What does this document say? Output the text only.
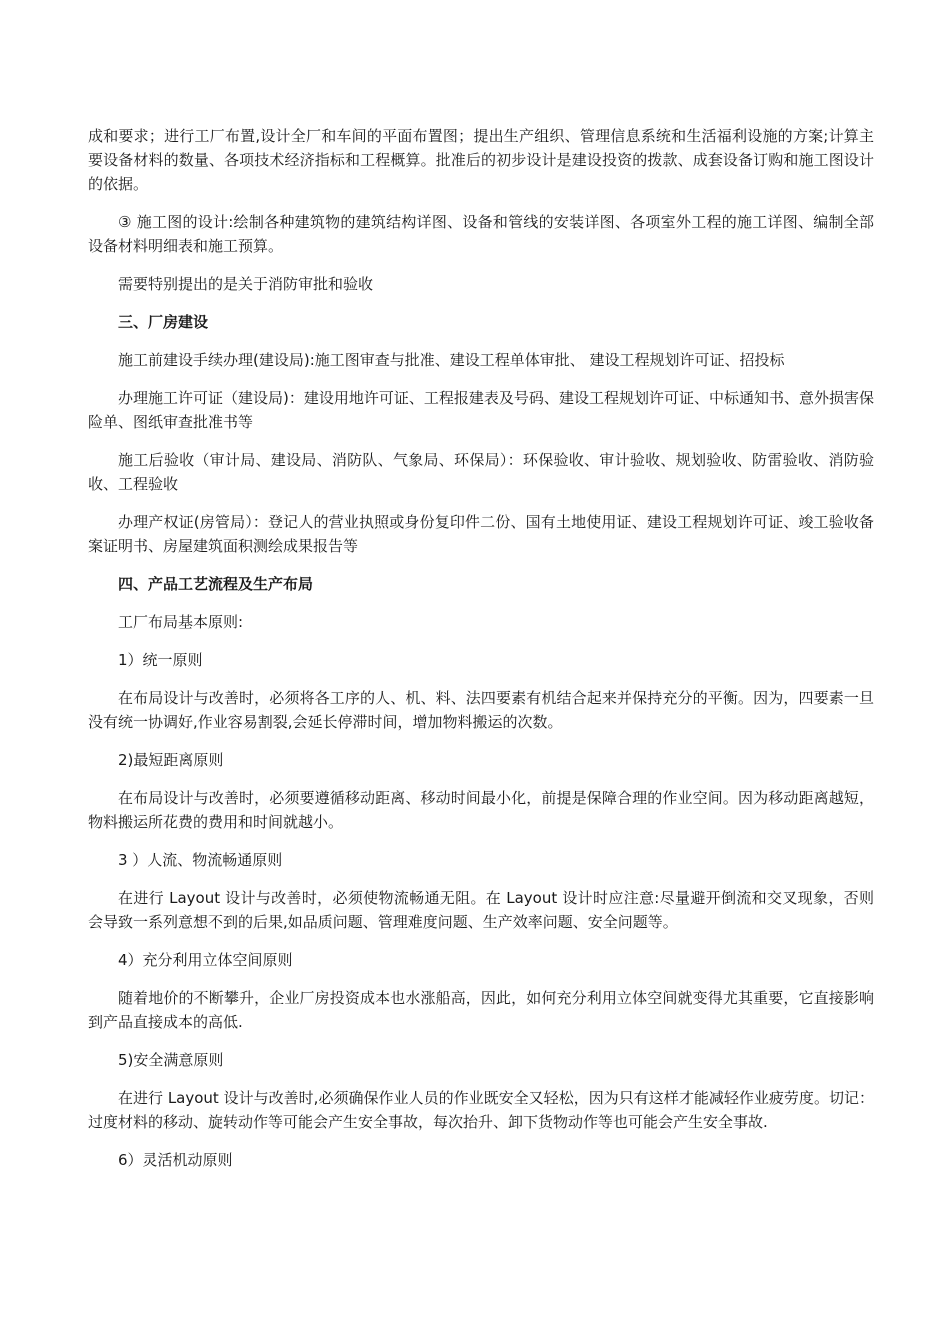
成和要求；进行工厂布置,设计全厂和车间的平面布置图；提出生产组织、管理信息系统和生活福利设施的方案;计算主要设备材料的数量、各项技术经济指标和工程概算。批准后的初步设计是建设投资的拨款、成套设备订购和施工图设计的依据。

③ 施工图的设计:绘制各种建筑物的建筑结构详图、设备和管线的安装详图、各项室外工程的施工详图、编制全部设备材料明细表和施工预算。

需要特别提出的是关于消防审批和验收

三、厂房建设

施工前建设手续办理(建设局):施工图审查与批准、建设工程单体审批、 建设工程规划许可证、招投标

办理施工许可证（建设局)：建设用地许可证、工程报建表及号码、建设工程规划许可证、中标通知书、意外损害保险单、图纸审查批准书等

施工后验收（审计局、建设局、消防队、气象局、环保局）：环保验收、审计验收、规划验收、防雷验收、消防验收、工程验收

办理产权证(房管局）：登记人的营业执照或身份复印件二份、国有土地使用证、建设工程规划许可证、竣工验收备案证明书、房屋建筑面积测绘成果报告等

四、产品工艺流程及生产布局

工厂布局基本原则:

1）统一原则

在布局设计与改善时，必须将各工序的人、机、料、法四要素有机结合起来并保持充分的平衡。因为，四要素一旦没有统一协调好,作业容易割裂,会延长停滞时间，增加物料搬运的次数。

2)最短距离原则

在布局设计与改善时，必须要遵循移动距离、移动时间最小化，前提是保障合理的作业空间。因为移动距离越短，物料搬运所花费的费用和时间就越小。

3 ）人流、物流畅通原则

在进行 Layout 设计与改善时，必须使物流畅通无阻。在 Layout 设计时应注意:尽量避开倒流和交叉现象，否则会导致一系列意想不到的后果,如品质问题、管理难度问题、生产效率问题、安全问题等。

4）充分利用立体空间原则

随着地价的不断攀升，企业厂房投资成本也水涨船高，因此，如何充分利用立体空间就变得尤其重要，它直接影响到产品直接成本的高低.

5)安全满意原则

在进行 Layout 设计与改善时,必须确保作业人员的作业既安全又轻松，因为只有这样才能减轻作业疲劳度。切记：过度材料的移动、旋转动作等可能会产生安全事故，每次抬升、卸下货物动作等也可能会产生安全事故.

6）灵活机动原则
